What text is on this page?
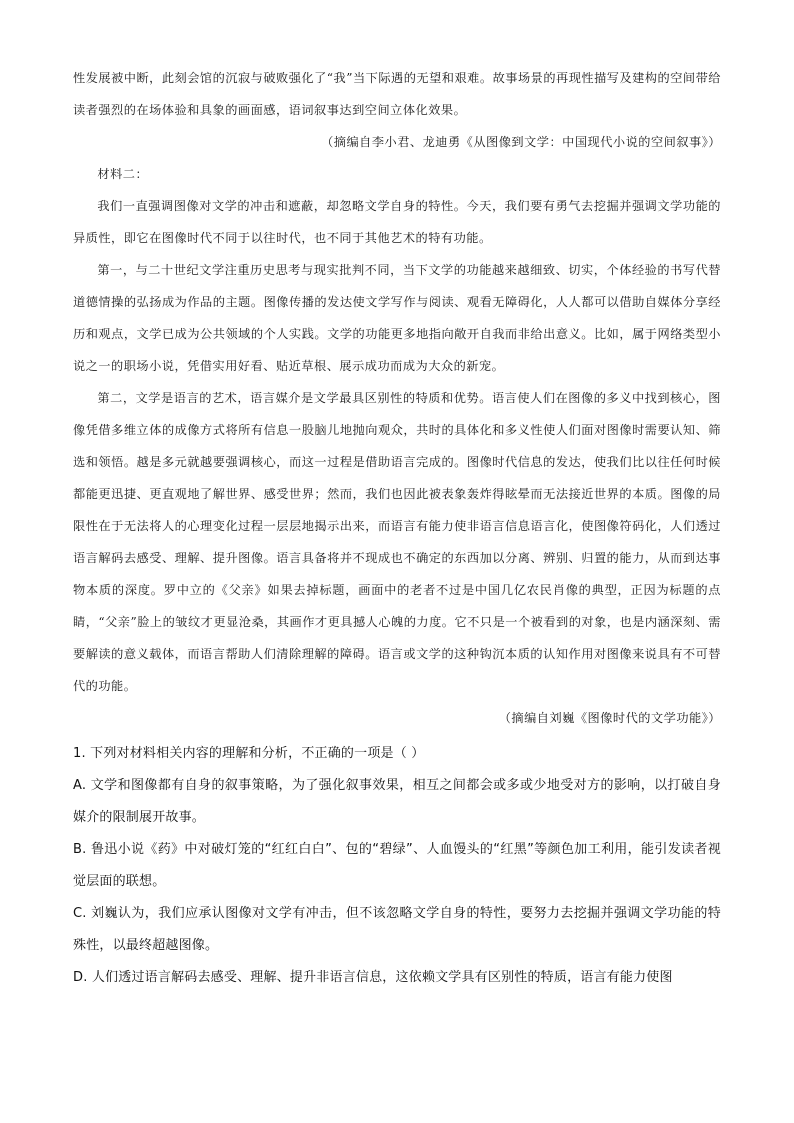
性发展被中断，此刻会馆的沉寂与破败强化了“我”当下际遇的无望和艰难。故事场景的再现性描写及建构的空间带给读者强烈的在场体验和具象的画面感，语词叙事达到空间立体化效果。

（摘编自李小君、龙迪勇《从图像到文学：中国现代小说的空间叙事》）

材料二：

我们一直强调图像对文学的冲击和遮蔽，却忽略文学自身的特性。今天，我们要有勇气去挖掘并强调文学功能的异质性，即它在图像时代不同于以往时代，也不同于其他艺术的特有功能。

第一，与二十世纪文学注重历史思考与现实批判不同，当下文学的功能越来越细致、切实，个体经验的书写代替道德情操的弘扬成为作品的主题。图像传播的发达使文学写作与阅读、观看无障碍化，人人都可以借助自媒体分享经历和观点，文学已成为公共领域的个人实践。文学的功能更多地指向敞开自我而非给出意义。比如，属于网络类型小说之一的职场小说，凭借实用好看、贴近草根、展示成功而成为大众的新宠。

第二，文学是语言的艺术，语言媒介是文学最具区别性的特质和优势。语言使人们在图像的多义中找到核心，图像凭借多维立体的成像方式将所有信息一股脑儿地抛向观众，共时的具体化和多义性使人们面对图像时需要认知、筛选和领悟。越是多元就越要强调核心，而这一过程是借助语言完成的。图像时代信息的发达，使我们比以往任何时候都能更迅捷、更直观地了解世界、感受世界；然而，我们也因此被表象轰炸得眩晕而无法接近世界的本质。图像的局限性在于无法将人的心理变化过程一层层地揭示出来，而语言有能力使非语言信息语言化，使图像符码化，人们透过语言解码去感受、理解、提升图像。语言具备将并不现成也不确定的东西加以分离、辨别、归置的能力，从而到达事物本质的深度。罗中立的《父亲》如果去掉标题，画面中的老者不过是中国几亿农民肖像的典型，正因为标题的点睛，“父亲”脸上的皱纹才更显沧桑，其画作才更具撼人心魄的力度。它不只是一个被看到的对象，也是内涵深刻、需要解读的意义载体，而语言帮助人们清除理解的障碍。语言或文学的这种钩沉本质的认知作用对图像来说具有不可替代的功能。

（摘编自刘巍《图像时代的文学功能》）

1. 下列对材料相关内容的理解和分析，不正确的一项是（ ）

A. 文学和图像都有自身的叙事策略，为了强化叙事效果，相互之间都会或多或少地受对方的影响，以打破自身媒介的限制展开故事。

B. 鲁迅小说《药》中对破灯笼的“红红白白”、包的“碧绿”、人血馒头的“红黑”等颜色加工利用，能引发读者视觉层面的联想。

C. 刘巍认为，我们应承认图像对文学有冲击，但不该忽略文学自身的特性，要努力去挖掘并强调文学功能的特殊性，以最终超越图像。

D. 人们透过语言解码去感受、理解、提升非语言信息，这依赖文学具有区别性的特质，语言有能力使图
